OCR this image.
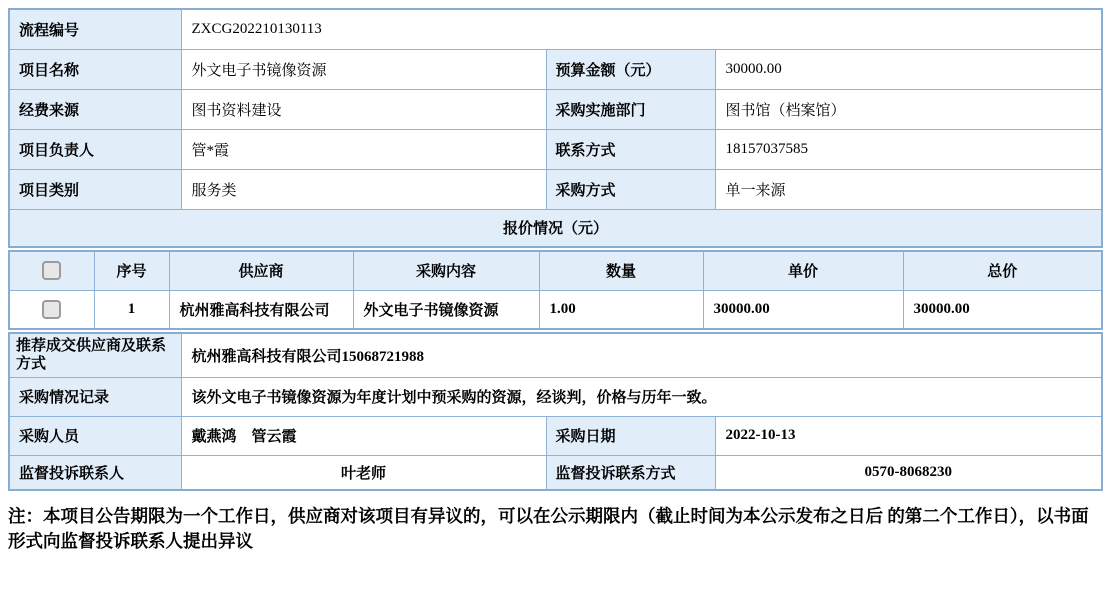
流程编号	ZXCG202210130113		
项目名称	外文电子书镜像资源	预算金额（元）	30000.00
经费来源	图书资料建设	采购实施部门	图书馆（档案馆）
项目负责人	管*霞	联系方式	18157037585
项目类别	服务类	采购方式	单一来源
报价情况（元）			
	序号	供应商	采购内容	数量	单价	总价
	1	杭州雅高科技有限公司	外文电子书镜像资源	1.00	30000.00	30000.00
推荐成交供应商及联系方式	杭州雅高科技有限公司15068721988		
采购情况记录	该外文电子书镜像资源为年度计划中预采购的资源，经谈判，价格与历年一致。		
采购人员	戴燕鸿　管云霞	采购日期	2022-10-13
监督投诉联系人	叶老师	监督投诉联系方式	0570-8068230
注：本项目公告期限为一个工作日，供应商对该项目有异议的，可以在公示期限内（截止时间为本公示发布之日后 的第二个工作日），以书面形式向监督投诉联系人提出异议
